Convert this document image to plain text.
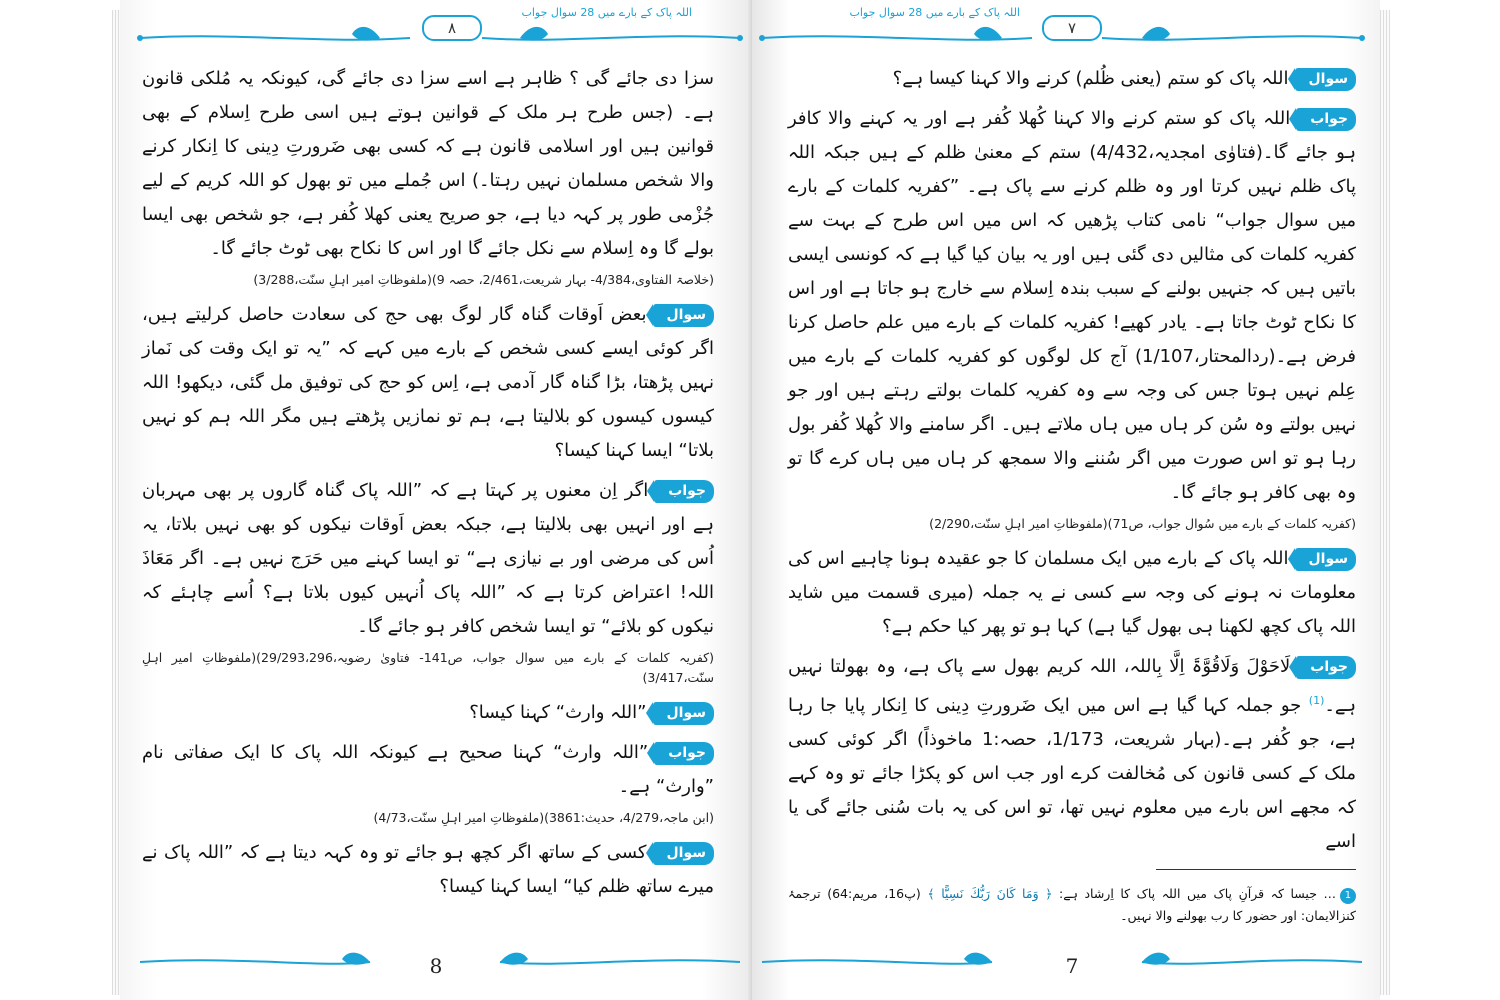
اللہ پاک کے بارے میں 28 سوال جواب
۸

سزا دی جائے گی ؟ ظاہر ہے اسے سزا دی جائے گی، کیونکہ یہ مُلکی قانون ہے۔ (جس طرح ہر ملک کے قوانین ہوتے ہیں اسی طرح اِسلام کے بھی قوانین ہیں اور اسلامی قانون ہے کہ کسی بھی ضَرورتِ دِینی کا اِنکار کرنے والا شخص مسلمان نہیں رہتا۔) اس جُملے میں تو بھول کو اللہ کریم کے لیے جُزْمی طور پر کہہ دیا ہے، جو صریح یعنی کھلا کُفر ہے، جو شخص بھی ایسا بولے گا وہ اِسلام سے نکل جائے گا اور اس کا نکاح بھی ٹوٹ جائے گا۔

(خلاصۃ الفتاوی،4/384- بہار شریعت،2/461، حصہ 9)(ملفوظاتِ امیر اہلِ سنّت،3/288)

سوالبعض اَوقات گناہ گار لوگ بھی حج کی سعادت حاصل کرلیتے ہیں، اگر کوئی ایسے کسی شخص کے بارے میں کہے کہ ”یہ تو ایک وقت کی نَماز نہیں پڑھتا، بڑا گناہ گار آدمی ہے، اِس کو حج کی توفیق مل گئی، دیکھو! اللہ کیسوں کیسوں کو بلالیتا ہے، ہم تو نمازیں پڑھتے ہیں مگر اللہ ہم کو نہیں بلاتا“ ایسا کہنا کیسا؟

جواباگر اِن معنوں پر کہتا ہے کہ ”اللہ پاک گناہ گاروں پر بھی مہربان ہے اور انہیں بھی بلالیتا ہے، جبکہ بعض اَوقات نیکوں کو بھی نہیں بلاتا، یہ اُس کی مرضی اور بے نیازی ہے“ تو ایسا کہنے میں حَرَج نہیں ہے۔ اگر مَعَاذَ اللہ! اعتراض کرتا ہے کہ ”اللہ پاک اُنہیں کیوں بلاتا ہے؟ اُسے چاہئے کہ نیکوں کو بلائے“ تو ایسا شخص کافر ہو جائے گا۔

(کفریہ کلمات کے بارے میں سوال جواب، ص141- فتاویٰ رضویہ،29/293،296)(ملفوظاتِ امیر اہلِ سنّت،3/417)

سوال”اللہ وارث“ کہنا کیسا؟

جواب”اللہ وارث“ کہنا صحیح ہے کیونکہ اللہ پاک کا ایک صفاتی نام ”وارث“ ہے۔

(ابن ماجہ،4/279، حدیث:3861)(ملفوظاتِ امیر اہلِ سنّت،4/73)

سوالکسی کے ساتھ اگر کچھ ہو جائے تو وہ کہہ دیتا ہے کہ ”اللہ پاک نے میرے ساتھ ظلم کیا“ ایسا کہنا کیسا؟

8
اللہ پاک کے بارے میں 28 سوال جواب
۷

سوالاللہ پاک کو ستم (یعنی ظُلم) کرنے والا کہنا کیسا ہے؟

جواباللہ پاک کو ستم کرنے والا کہنا کُھلا کُفر ہے اور یہ کہنے والا کافر ہو جائے گا۔(فتاوٰی امجدیہ،4/432) ستم کے معنیٰ ظلم کے ہیں جبکہ اللہ پاک ظلم نہیں کرتا اور وہ ظلم کرنے سے پاک ہے۔ ”کفریہ کلمات کے بارے میں سوال جواب“ نامی کتاب پڑھیں کہ اس میں اس طرح کے بہت سے کفریہ کلمات کی مثالیں دی گئی ہیں اور یہ بیان کیا گیا ہے کہ کونسی ایسی باتیں ہیں کہ جنہیں بولنے کے سبب بندہ اِسلام سے خارج ہو جاتا ہے اور اس کا نکاح ٹوٹ جاتا ہے۔ یادر کھیے! کفریہ کلمات کے بارے میں علم حاصل کرنا فرض ہے۔(ردالمحتار،1/107) آج کل لوگوں کو کفریہ کلمات کے بارے میں عِلم نہیں ہوتا جس کی وجہ سے وہ کفریہ کلمات بولتے رہتے ہیں اور جو نہیں بولتے وہ سُن کر ہاں میں ہاں ملاتے ہیں۔ اگر سامنے والا کُھلا کُفر بول رہا ہو تو اس صورت میں اگر سُننے والا سمجھ کر ہاں میں ہاں کرے گا تو وہ بھی کافر ہو جائے گا۔

(کفریہ کلمات کے بارے میں سُوال جواب، ص71)(ملفوظاتِ امیر اہلِ سنّت،2/290)

سوالاللہ پاک کے بارے میں ایک مسلمان کا جو عقیدہ ہونا چاہیے اس کی معلومات نہ ہونے کی وجہ سے کسی نے یہ جملہ (میری قسمت میں شاید اللہ پاک کچھ لکھنا ہی بھول گیا ہے) کہا ہو تو پھر کیا حکم ہے؟

جوابلَاحَوْلَ وَلَاقُوَّۃَ اِلَّا بِاللہ، اللہ کریم بھول سے پاک ہے، وہ بھولتا نہیں ہے۔$^{(1)}$ جو جملہ کہا گیا ہے اس میں ایک ضَرورتِ دِینی کا اِنکار پایا جا رہا ہے، جو کُفر ہے۔(بہار شریعت، 1/173، حصہ:1 ماخوذاً) اگر کوئی کسی ملک کے کسی قانون کی مُخالفت کرے اور جب اس کو پکڑا جائے تو وہ کہے کہ مجھے اس بارے میں معلوم نہیں تھا، تو اس کی یہ بات سُنی جائے گی یا اسے

1… جیسا کہ قرآنِ پاک میں اللہ پاک کا اِرشاد ہے: ﴿ وَمَا كَانَ رَبُّكَ نَسِيًّا ﴾ (پ16، مریم:64) ترجمۂ کنزالایمان: اور حضور کا رب بھولنے والا نہیں۔

7
